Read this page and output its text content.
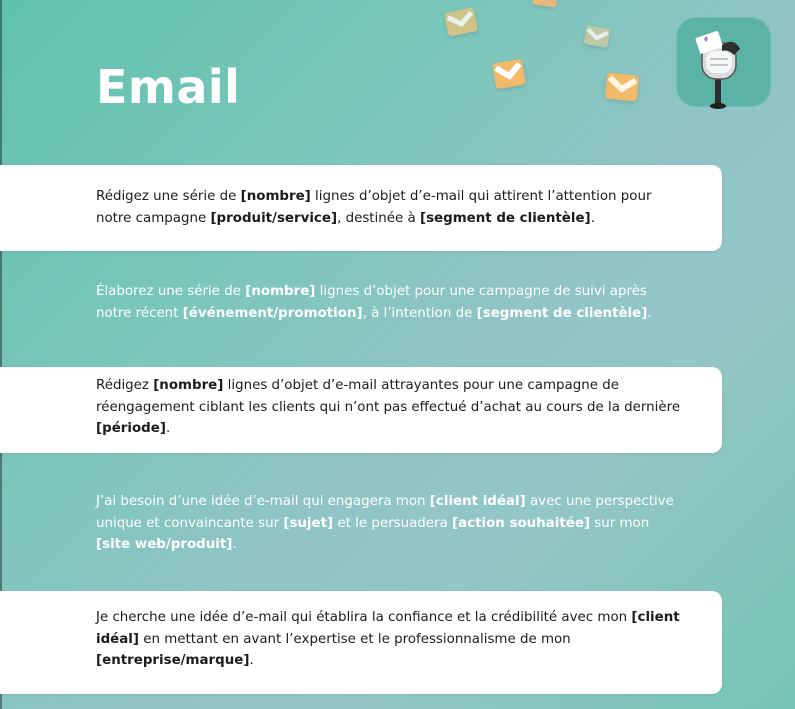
Email
Rédigez une série de [nombre] lignes d’objet d’e-mail qui attirent l’attention pour notre campagne [produit/service], destinée à [segment de clientèle].
Élaborez une série de [nombre] lignes d’objet pour une campagne de suivi après notre récent [événement/promotion], à l’intention de [segment de clientèle].
Rédigez [nombre] lignes d’objet d’e-mail attrayantes pour une campagne de réengagement ciblant les clients qui n’ont pas effectué d’achat au cours de la dernière [période].
J’ai besoin d’une idée d’e-mail qui engagera mon [client idéal] avec une perspective unique et convaincante sur [sujet] et le persuadera [action souhaitée] sur mon [site web/produit].
Je cherche une idée d’e-mail qui établira la confiance et la crédibilité avec mon [client idéal] en mettant en avant l’expertise et le professionnalisme de mon [entreprise/marque].
